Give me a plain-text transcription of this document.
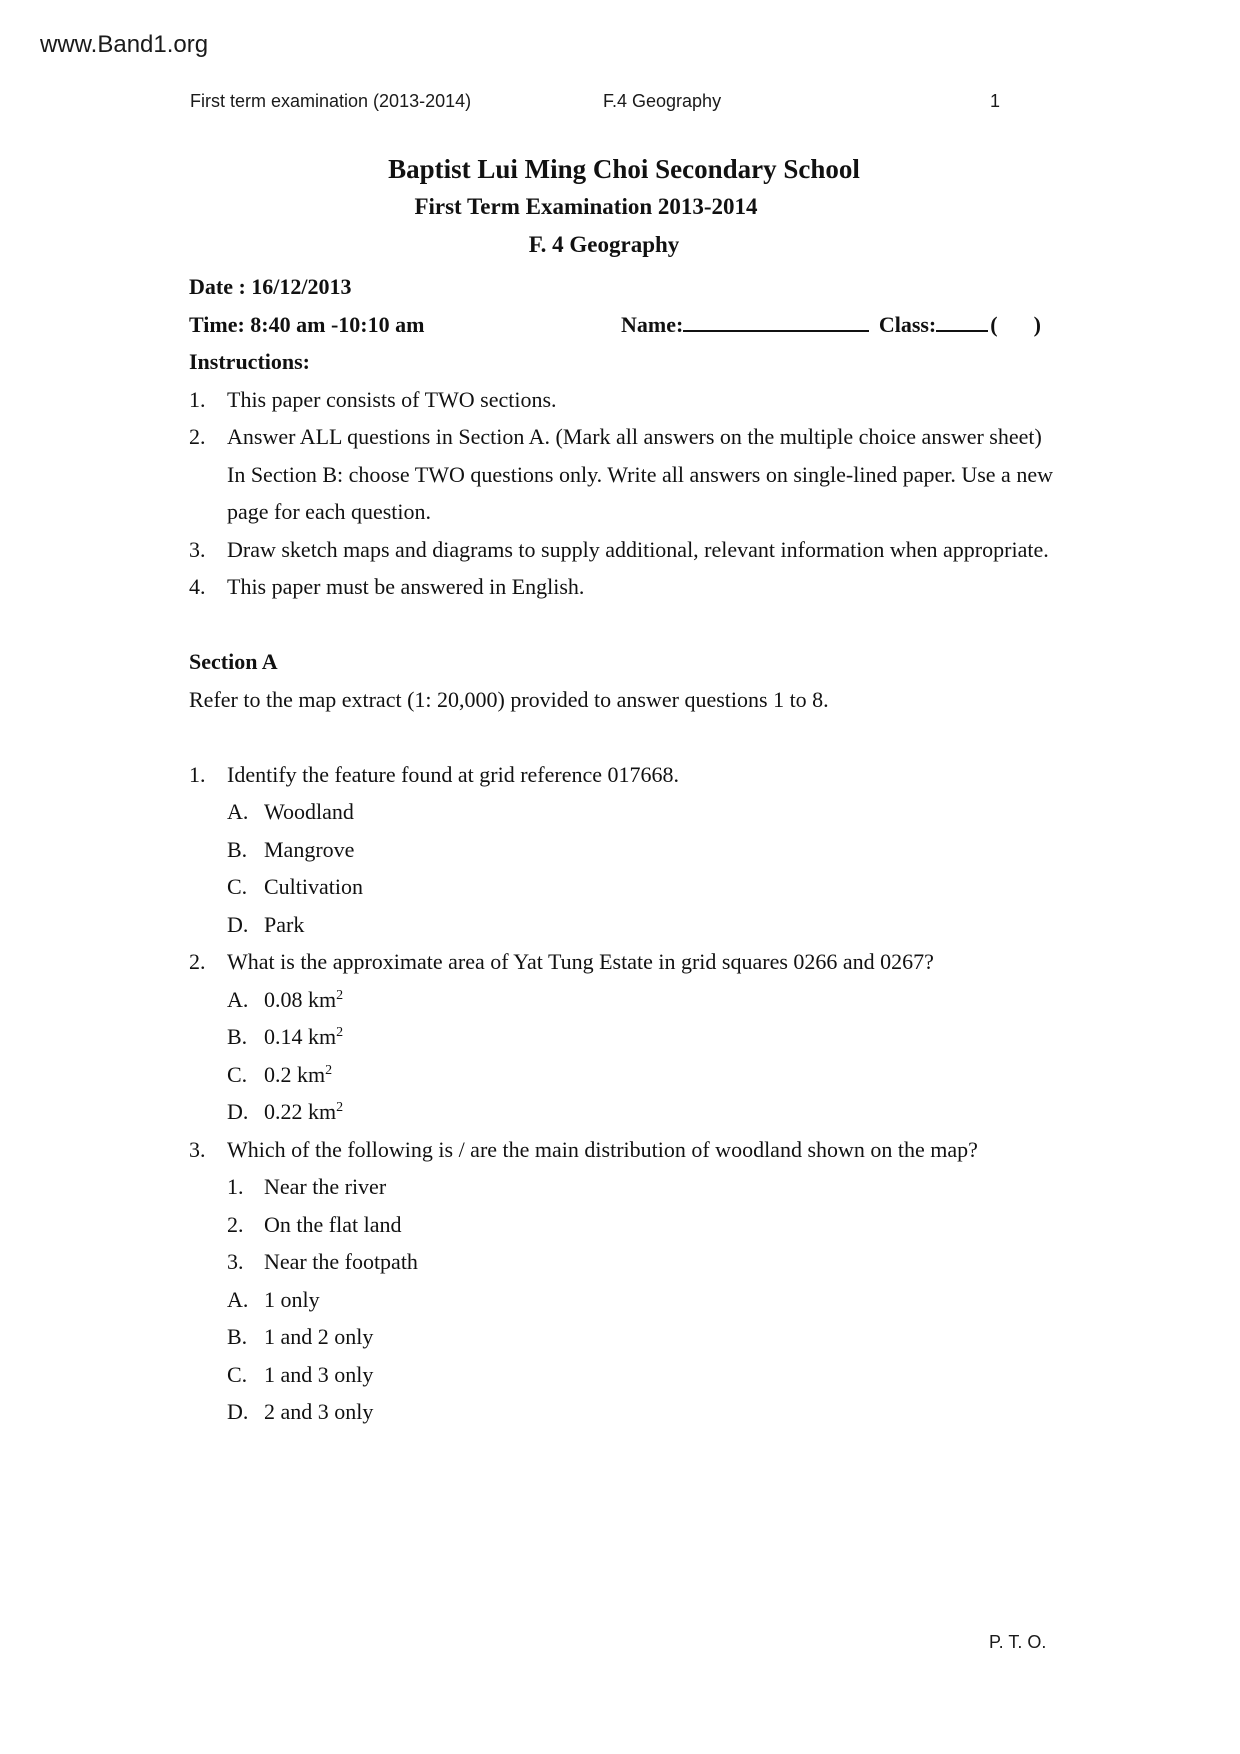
www.Band1.org
First term examination (2013-2014)	F.4 Geography	1
Baptist Lui Ming Choi Secondary School
First Term Examination 2013-2014
F. 4 Geography
Date : 16/12/2013
Time: 8:40 am -10:10 am	Name:	Class: ( )
Instructions:
1. This paper consists of TWO sections.
2. Answer ALL questions in Section A. (Mark all answers on the multiple choice answer sheet) In Section B: choose TWO questions only. Write all answers on single-lined paper. Use a new page for each question.
3. Draw sketch maps and diagrams to supply additional, relevant information when appropriate.
4. This paper must be answered in English.
Section A
Refer to the map extract (1: 20,000) provided to answer questions 1 to 8.
1. Identify the feature found at grid reference 017668.
A. Woodland
B. Mangrove
C. Cultivation
D. Park
2. What is the approximate area of Yat Tung Estate in grid squares 0266 and 0267?
A. 0.08 $km^2$
B. 0.14 $km^2$
C. 0.2 $km^2$
D. 0.22 $km^2$
3. Which of the following is / are the main distribution of woodland shown on the map?
1. Near the river
2. On the flat land
3. Near the footpath
A. 1 only
B. 1 and 2 only
C. 1 and 3 only
D. 2 and 3 only
P. T. O.
